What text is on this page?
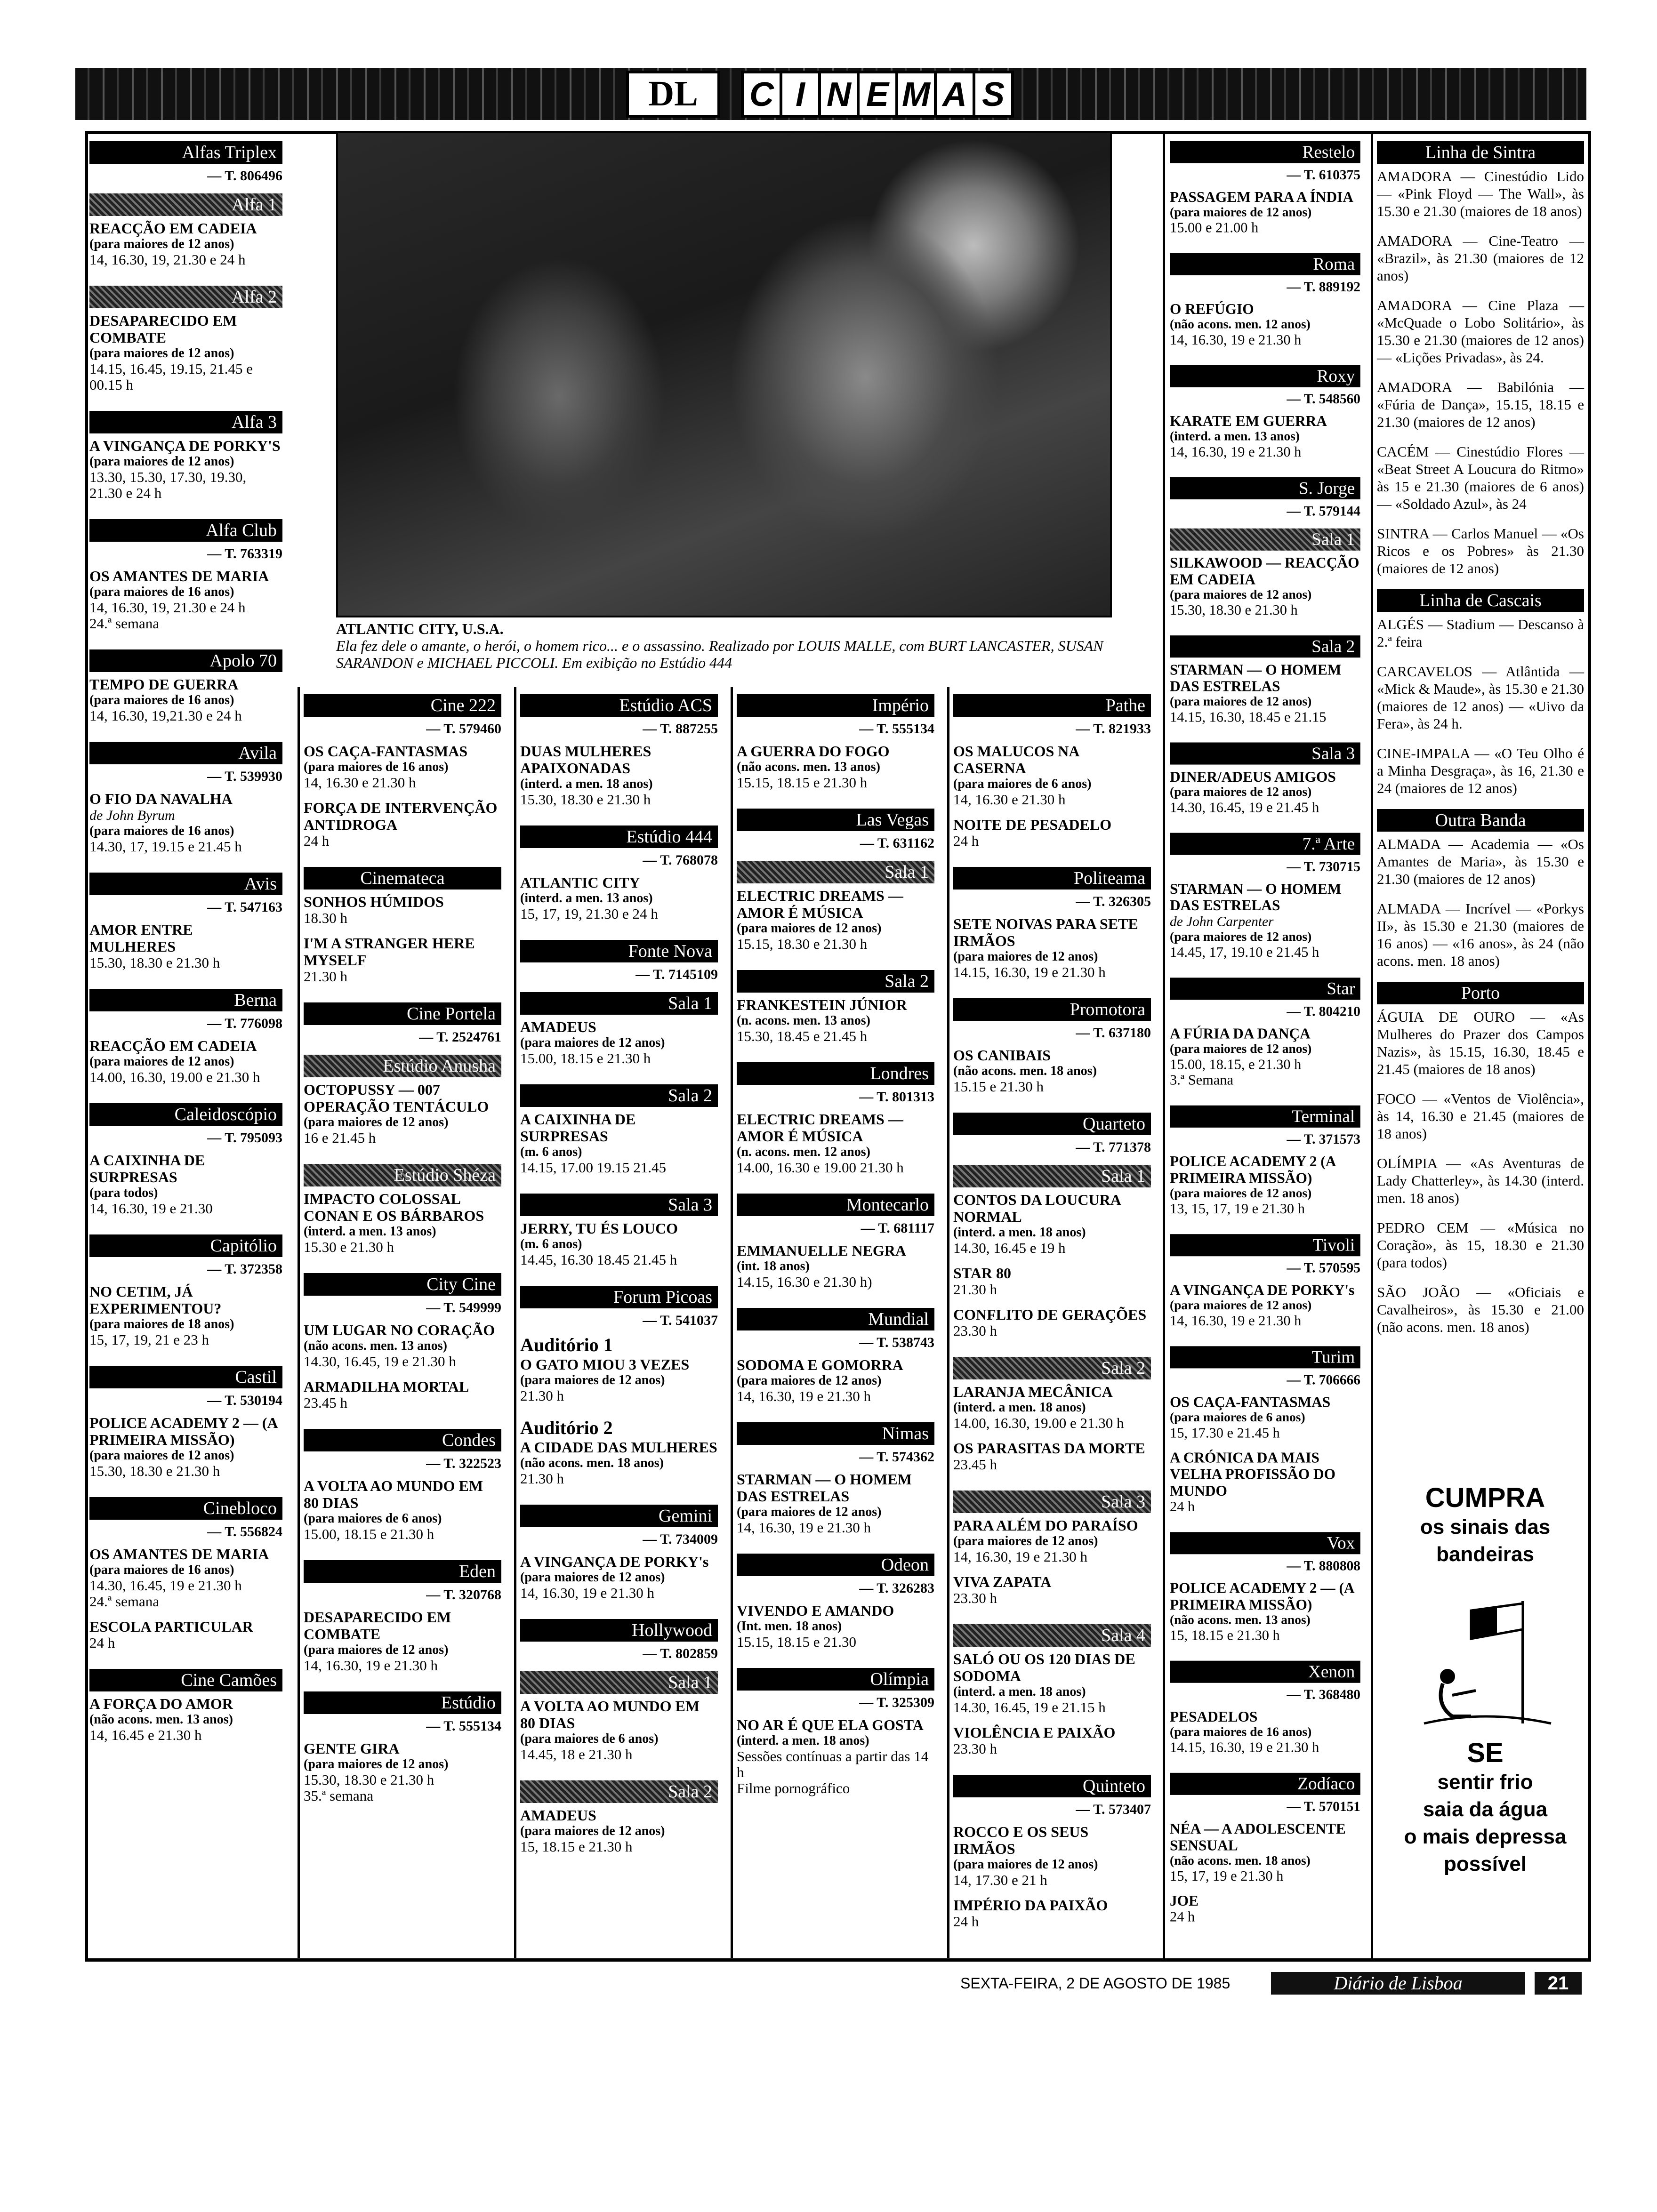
DL	C I N E M A S
ATLANTIC CITY, U.S.A.
Ela fez dele o amante, o herói, o homem rico... e o assassino. Realizado por LOUIS MALLE, com BURT LANCASTER, SUSAN SARANDON e MICHAEL PICCOLI. Em exibição no Estúdio 444
Alfas Triplex
— T. 806496
Alfa 1
REACÇÃO EM CADEIA
(para maiores de 12 anos)
14, 16.30, 19, 21.30 e 24 h
Alfa 2
DESAPARECIDO EM COMBATE
(para maiores de 12 anos)
14.15, 16.45, 19.15, 21.45 e 00.15 h
Alfa 3
A VINGANÇA DE PORKY'S
(para maiores de 12 anos)
13.30, 15.30, 17.30, 19.30, 21.30 e 24 h
Alfa Club
— T. 763319
OS AMANTES DE MARIA
(para maiores de 16 anos)
14, 16.30, 19, 21.30 e 24 h
24.ª semana
Apolo 70
TEMPO DE GUERRA
(para maiores de 16 anos)
14, 16.30, 19,21.30 e 24 h
Avila
— T. 539930
O FIO DA NAVALHA
de John Byrum
(para maiores de 16 anos)
14.30, 17, 19.15 e 21.45 h
Avis
— T. 547163
AMOR ENTRE MULHERES
15.30, 18.30 e 21.30 h
Berna
— T. 776098
REACÇÃO EM CADEIA
(para maiores de 12 anos)
14.00, 16.30, 19.00 e 21.30 h
Caleidoscópio
— T. 795093
A CAIXINHA DE SURPRESAS
(para todos)
14, 16.30, 19 e 21.30
Capitólio
— T. 372358
NO CETIM, JÁ EXPERIMENTOU?
(para maiores de 18 anos)
15, 17, 19, 21 e 23 h
Castil
— T. 530194
POLICE ACADEMY 2 — (A PRIMEIRA MISSÃO)
(para maiores de 12 anos)
15.30, 18.30 e 21.30 h
Cinebloco
— T. 556824
OS AMANTES DE MARIA
(para maiores de 16 anos)
14.30, 16.45, 19 e 21.30 h
24.ª semana
ESCOLA PARTICULAR
24 h
Cine Camões
A FORÇA DO AMOR
(não acons. men. 13 anos)
14, 16.45 e 21.30 h
Cine 222
— T. 579460
OS CAÇA-FANTASMAS
(para maiores de 16 anos)
14, 16.30 e 21.30 h
FORÇA DE INTERVENÇÃO ANTIDROGA
24 h
Cinemateca
SONHOS HÚMIDOS
18.30 h
I'M A STRANGER HERE MYSELF
21.30 h
Cine Portela
— T. 2524761
Estúdio Anusha
OCTOPUSSY — 007 OPERAÇÃO TENTÁCULO
(para maiores de 12 anos)
16 e 21.45 h
Estúdio Shéza
IMPACTO COLOSSAL CONAN E OS BÁRBAROS
(interd. a men. 13 anos)
15.30 e 21.30 h
City Cine
— T. 549999
UM LUGAR NO CORAÇÃO
(não acons. men. 13 anos)
14.30, 16.45, 19 e 21.30 h
ARMADILHA MORTAL
23.45 h
Condes
— T. 322523
A VOLTA AO MUNDO EM 80 DIAS
(para maiores de 6 anos)
15.00, 18.15 e 21.30 h
Eden
— T. 320768
DESAPARECIDO EM COMBATE
(para maiores de 12 anos)
14, 16.30, 19 e 21.30 h
Estúdio
— T. 555134
GENTE GIRA
(para maiores de 12 anos)
15.30, 18.30 e 21.30 h
35.ª semana
Estúdio ACS
— T. 887255
DUAS MULHERES APAIXONADAS
(interd. a men. 18 anos)
15.30, 18.30 e 21.30 h
Estúdio 444
— T. 768078
ATLANTIC CITY
(interd. a men. 13 anos)
15, 17, 19, 21.30 e 24 h
Fonte Nova
— T. 7145109
Sala 1
AMADEUS
(para maiores de 12 anos)
15.00, 18.15 e 21.30 h
Sala 2
A CAIXINHA DE SURPRESAS
(m. 6 anos)
14.15, 17.00 19.15 21.45
Sala 3
JERRY, TU ÉS LOUCO
(m. 6 anos)
14.45, 16.30 18.45 21.45 h
Forum Picoas
— T. 541037
Auditório 1
O GATO MIOU 3 VEZES
(para maiores de 12 anos)
21.30 h
Auditório 2
A CIDADE DAS MULHERES
(não acons. men. 18 anos)
21.30 h
Gemini
— T. 734009
A VINGANÇA DE PORKY's
(para maiores de 12 anos)
14, 16.30, 19 e 21.30 h
Hollywood
— T. 802859
Sala 1
A VOLTA AO MUNDO EM 80 DIAS
(para maiores de 6 anos)
14.45, 18 e 21.30 h
Sala 2
AMADEUS
(para maiores de 12 anos)
15, 18.15 e 21.30 h
Império
— T. 555134
A GUERRA DO FOGO
(não acons. men. 13 anos)
15.15, 18.15 e 21.30 h
Las Vegas
— T. 631162
Sala 1
ELECTRIC DREAMS — AMOR É MÚSICA
(para maiores de 12 anos)
15.15, 18.30 e 21.30 h
Sala 2
FRANKESTEIN JÚNIOR
(n. acons. men. 13 anos)
15.30, 18.45 e 21.45 h
Londres
— T. 801313
ELECTRIC DREAMS — AMOR É MÚSICA
(n. acons. men. 12 anos)
14.00, 16.30 e 19.00 21.30 h
Montecarlo
— T. 681117
EMMANUELLE NEGRA
(int. 18 anos)
14.15, 16.30 e 21.30 h)
Mundial
— T. 538743
SODOMA E GOMORRA
(para maiores de 12 anos)
14, 16.30, 19 e 21.30 h
Nimas
— T. 574362
STARMAN — O HOMEM DAS ESTRELAS
(para maiores de 12 anos)
14, 16.30, 19 e 21.30 h
Odeon
— T. 326283
VIVENDO E AMANDO
(Int. men. 18 anos)
15.15, 18.15 e 21.30
Olímpia
— T. 325309
NO AR É QUE ELA GOSTA
(interd. a men. 18 anos)
Sessões contínuas a partir das 14 h
Filme pornográfico
Pathe
— T. 821933
OS MALUCOS NA CASERNA
(para maiores de 6 anos)
14, 16.30 e 21.30 h
NOITE DE PESADELO
24 h
Politeama
— T. 326305
SETE NOIVAS PARA SETE IRMÃOS
(para maiores de 12 anos)
14.15, 16.30, 19 e 21.30 h
Promotora
— T. 637180
OS CANIBAIS
(não acons. men. 18 anos)
15.15 e 21.30 h
Quarteto
— T. 771378
Sala 1
CONTOS DA LOUCURA NORMAL
(interd. a men. 18 anos)
14.30, 16.45 e 19 h
STAR 80
21.30 h
CONFLITO DE GERAÇÕES
23.30 h
Sala 2
LARANJA MECÂNICA
(interd. a men. 18 anos)
14.00, 16.30, 19.00 e 21.30 h
OS PARASITAS DA MORTE
23.45 h
Sala 3
PARA ALÉM DO PARAÍSO
(para maiores de 12 anos)
14, 16.30, 19 e 21.30 h
VIVA ZAPATA
23.30 h
Sala 4
SALÓ OU OS 120 DIAS DE SODOMA
(interd. a men. 18 anos)
14.30, 16.45, 19 e 21.15 h
VIOLÊNCIA E PAIXÃO
23.30 h
Quinteto
— T. 573407
ROCCO E OS SEUS IRMÃOS
(para maiores de 12 anos)
14, 17.30 e 21 h
IMPÉRIO DA PAIXÃO
24 h
Restelo
— T. 610375
PASSAGEM PARA A ÍNDIA
(para maiores de 12 anos)
15.00 e 21.00 h
Roma
— T. 889192
O REFÚGIO
(não acons. men. 12 anos)
14, 16.30, 19 e 21.30 h
Roxy
— T. 548560
KARATE EM GUERRA
(interd. a men. 13 anos)
14, 16.30, 19 e 21.30 h
S. Jorge
— T. 579144
Sala 1
SILKAWOOD — REACÇÃO EM CADEIA
(para maiores de 12 anos)
15.30, 18.30 e 21.30 h
Sala 2
STARMAN — O HOMEM DAS ESTRELAS
(para maiores de 12 anos)
14.15, 16.30, 18.45 e 21.15
Sala 3
DINER/ADEUS AMIGOS
(para maiores de 12 anos)
14.30, 16.45, 19 e 21.45 h
7.ª Arte
— T. 730715
STARMAN — O HOMEM DAS ESTRELAS
de John Carpenter
(para maiores de 12 anos)
14.45, 17, 19.10 e 21.45 h
Star
— T. 804210
A FÚRIA DA DANÇA
(para maiores de 12 anos)
15.00, 18.15, e 21.30 h
3.ª Semana
Terminal
— T. 371573
POLICE ACADEMY 2 (A PRIMEIRA MISSÃO)
(para maiores de 12 anos)
13, 15, 17, 19 e 21.30 h
Tivoli
— T. 570595
A VINGANÇA DE PORKY's
(para maiores de 12 anos)
14, 16.30, 19 e 21.30 h
Turim
— T. 706666
OS CAÇA-FANTASMAS
(para maiores de 6 anos)
15, 17.30 e 21.45 h
A CRÓNICA DA MAIS VELHA PROFISSÃO DO MUNDO
24 h
Vox
— T. 880808
POLICE ACADEMY 2 — (A PRIMEIRA MISSÃO)
(não acons. men. 13 anos)
15, 18.15 e 21.30 h
Xenon
— T. 368480
PESADELOS
(para maiores de 16 anos)
14.15, 16.30, 19 e 21.30 h
Zodíaco
— T. 570151
NÉA — A ADOLESCENTE SENSUAL
(não acons. men. 18 anos)
15, 17, 19 e 21.30 h
JOE
24 h
Linha de Sintra

AMADORA — Cinestúdio Lido — «Pink Floyd — The Wall», às 15.30 e 21.30 (maiores de 18 anos)

AMADORA — Cine-Teatro — «Brazil», às 21.30 (maiores de 12 anos)

AMADORA — Cine Plaza — «McQuade o Lobo Solitário», às 15.30 e 21.30 (maiores de 12 anos) — «Lições Privadas», às 24.

AMADORA — Babilónia — «Fúria de Dança», 15.15, 18.15 e 21.30 (maiores de 12 anos)

CACÉM — Cinestúdio Flores — «Beat Street A Loucura do Ritmo» às 15 e 21.30 (maiores de 6 anos) — «Soldado Azul», às 24

SINTRA — Carlos Manuel — «Os Ricos e os Pobres» às 21.30 (maiores de 12 anos)

Linha de Cascais

ALGÉS — Stadium — Descanso à 2.ª feira

CARCAVELOS — Atlântida — «Mick & Maude», às 15.30 e 21.30 (maiores de 12 anos) — «Uivo da Fera», às 24 h.

CINE-IMPALA — «O Teu Olho é a Minha Desgraça», às 16, 21.30 e 24 (maiores de 12 anos)

Outra Banda

ALMADA — Academia — «Os Amantes de Maria», às 15.30 e 21.30 (maiores de 12 anos)

ALMADA — Incrível — «Porkys II», às 15.30 e 21.30 (maiores de 16 anos) — «16 anos», às 24 (não acons. men. 18 anos)

Porto

ÁGUIA DE OURO — «As Mulheres do Prazer dos Campos Nazis», às 15.15, 16.30, 18.45 e 21.45 (maiores de 18 anos)

FOCO — «Ventos de Violência», às 14, 16.30 e 21.45 (maiores de 18 anos)

OLÍMPIA — «As Aventuras de Lady Chatterley», às 14.30 (interd. men. 18 anos)

PEDRO CEM — «Música no Coração», às 15, 18.30 e 21.30 (para todos)

SÃO JOÃO — «Oficiais e Cavalheiros», às 15.30 e 21.00 (não acons. men. 18 anos)

CUMPRA
os sinais das
bandeiras
SE
sentir frio
saia da água
o mais depressa
possível
SEXTA-FEIRA, 2 DE AGOSTO DE 1985	Diário de Lisboa	21
